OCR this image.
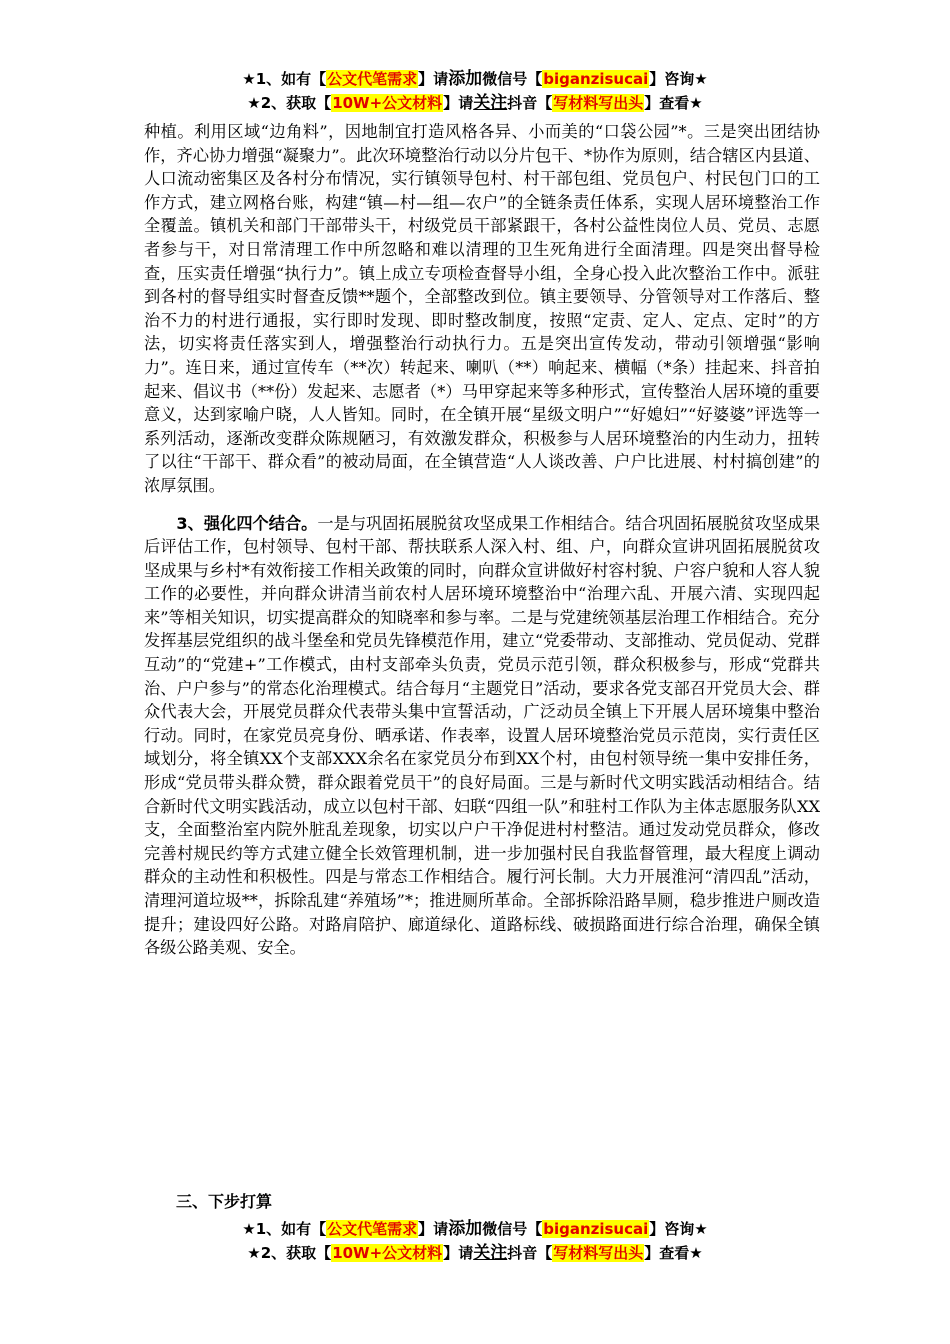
★1、如有【公文代笔需求】请添加微信号【biganzisucai】咨询★
★2、获取【10W+公文材料】请关注抖音【写材料写出头】查看★

种植。利用区域“边角料”，因地制宜打造风格各异、小而美的“口袋公园”*。三是突出团结协作，齐心协力增强“凝聚力”。此次环境整治行动以分片包干、*协作为原则，结合辖区内县道、人口流动密集区及各村分布情况，实行镇领导包村、村干部包组、党员包户、村民包门口的工作方式，建立网格台账，构建“镇—村—组—农户”的全链条责任体系，实现人居环境整治工作全覆盖。镇机关和部门干部带头干，村级党员干部紧跟干，各村公益性岗位人员、党员、志愿者参与干，对日常清理工作中所忽略和难以清理的卫生死角进行全面清理。四是突出督导检查，压实责任增强“执行力”。镇上成立专项检查督导小组，全身心投入此次整治工作中。派驻到各村的督导组实时督查反馈**题个，全部整改到位。镇主要领导、分管领导对工作落后、整治不力的村进行通报，实行即时发现、即时整改制度，按照“定责、定人、定点、定时”的方法，切实将责任落实到人，增强整治行动执行力。五是突出宣传发动，带动引领增强“影响力”。连日来，通过宣传车（**次）转起来、喇叭（**）响起来、横幅（*条）挂起来、抖音拍起来、倡议书（**份）发起来、志愿者（*）马甲穿起来等多种形式，宣传整治人居环境的重要意义，达到家喻户晓，人人皆知。同时，在全镇开展“星级文明户”“好媳妇”“好婆婆”评选等一系列活动，逐渐改变群众陈规陋习，有效激发群众，积极参与人居环境整治的内生动力，扭转了以往“干部干、群众看”的被动局面，在全镇营造“人人谈改善、户户比进展、村村搞创建”的浓厚氛围。

3、强化四个结合。一是与巩固拓展脱贫攻坚成果工作相结合。结合巩固拓展脱贫攻坚成果后评估工作，包村领导、包村干部、帮扶联系人深入村、组、户，向群众宣讲巩固拓展脱贫攻坚成果与乡村*有效衔接工作相关政策的同时，向群众宣讲做好村容村貌、户容户貌和人容人貌工作的必要性，并向群众讲清当前农村人居环境环境整治中“治理六乱、开展六清、实现四起来”等相关知识，切实提高群众的知晓率和参与率。二是与党建统领基层治理工作相结合。充分发挥基层党组织的战斗堡垒和党员先锋模范作用，建立“党委带动、支部推动、党员促动、党群互动”的“党建+”工作模式，由村支部牵头负责，党员示范引领，群众积极参与，形成“党群共治、户户参与”的常态化治理模式。结合每月“主题党日”活动，要求各党支部召开党员大会、群众代表大会，开展党员群众代表带头集中宣誓活动，广泛动员全镇上下开展人居环境集中整治行动。同时，在家党员亮身份、晒承诺、作表率，设置人居环境整治党员示范岗，实行责任区域划分，将全镇XX个支部XXX余名在家党员分布到XX个村，由包村领导统一集中安排任务，形成“党员带头群众赞，群众跟着党员干”的良好局面。三是与新时代文明实践活动相结合。结合新时代文明实践活动，成立以包村干部、妇联“四组一队”和驻村工作队为主体志愿服务队XX支，全面整治室内院外脏乱差现象，切实以户户干净促进村村整洁。通过发动党员群众，修改完善村规民约等方式建立健全长效管理机制，进一步加强村民自我监督管理，最大程度上调动群众的主动性和积极性。四是与常态工作相结合。履行河长制。大力开展淮河“清四乱”活动，清理河道垃圾**，拆除乱建“养殖场”*；推进厕所革命。全部拆除沿路旱厕，稳步推进户厕改造提升；建设四好公路。对路肩陪护、廊道绿化、道路标线、破损路面进行综合治理，确保全镇各级公路美观、安全。

三、下步打算
★1、如有【公文代笔需求】请添加微信号【biganzisucai】咨询★
★2、获取【10W+公文材料】请关注抖音【写材料写出头】查看★
